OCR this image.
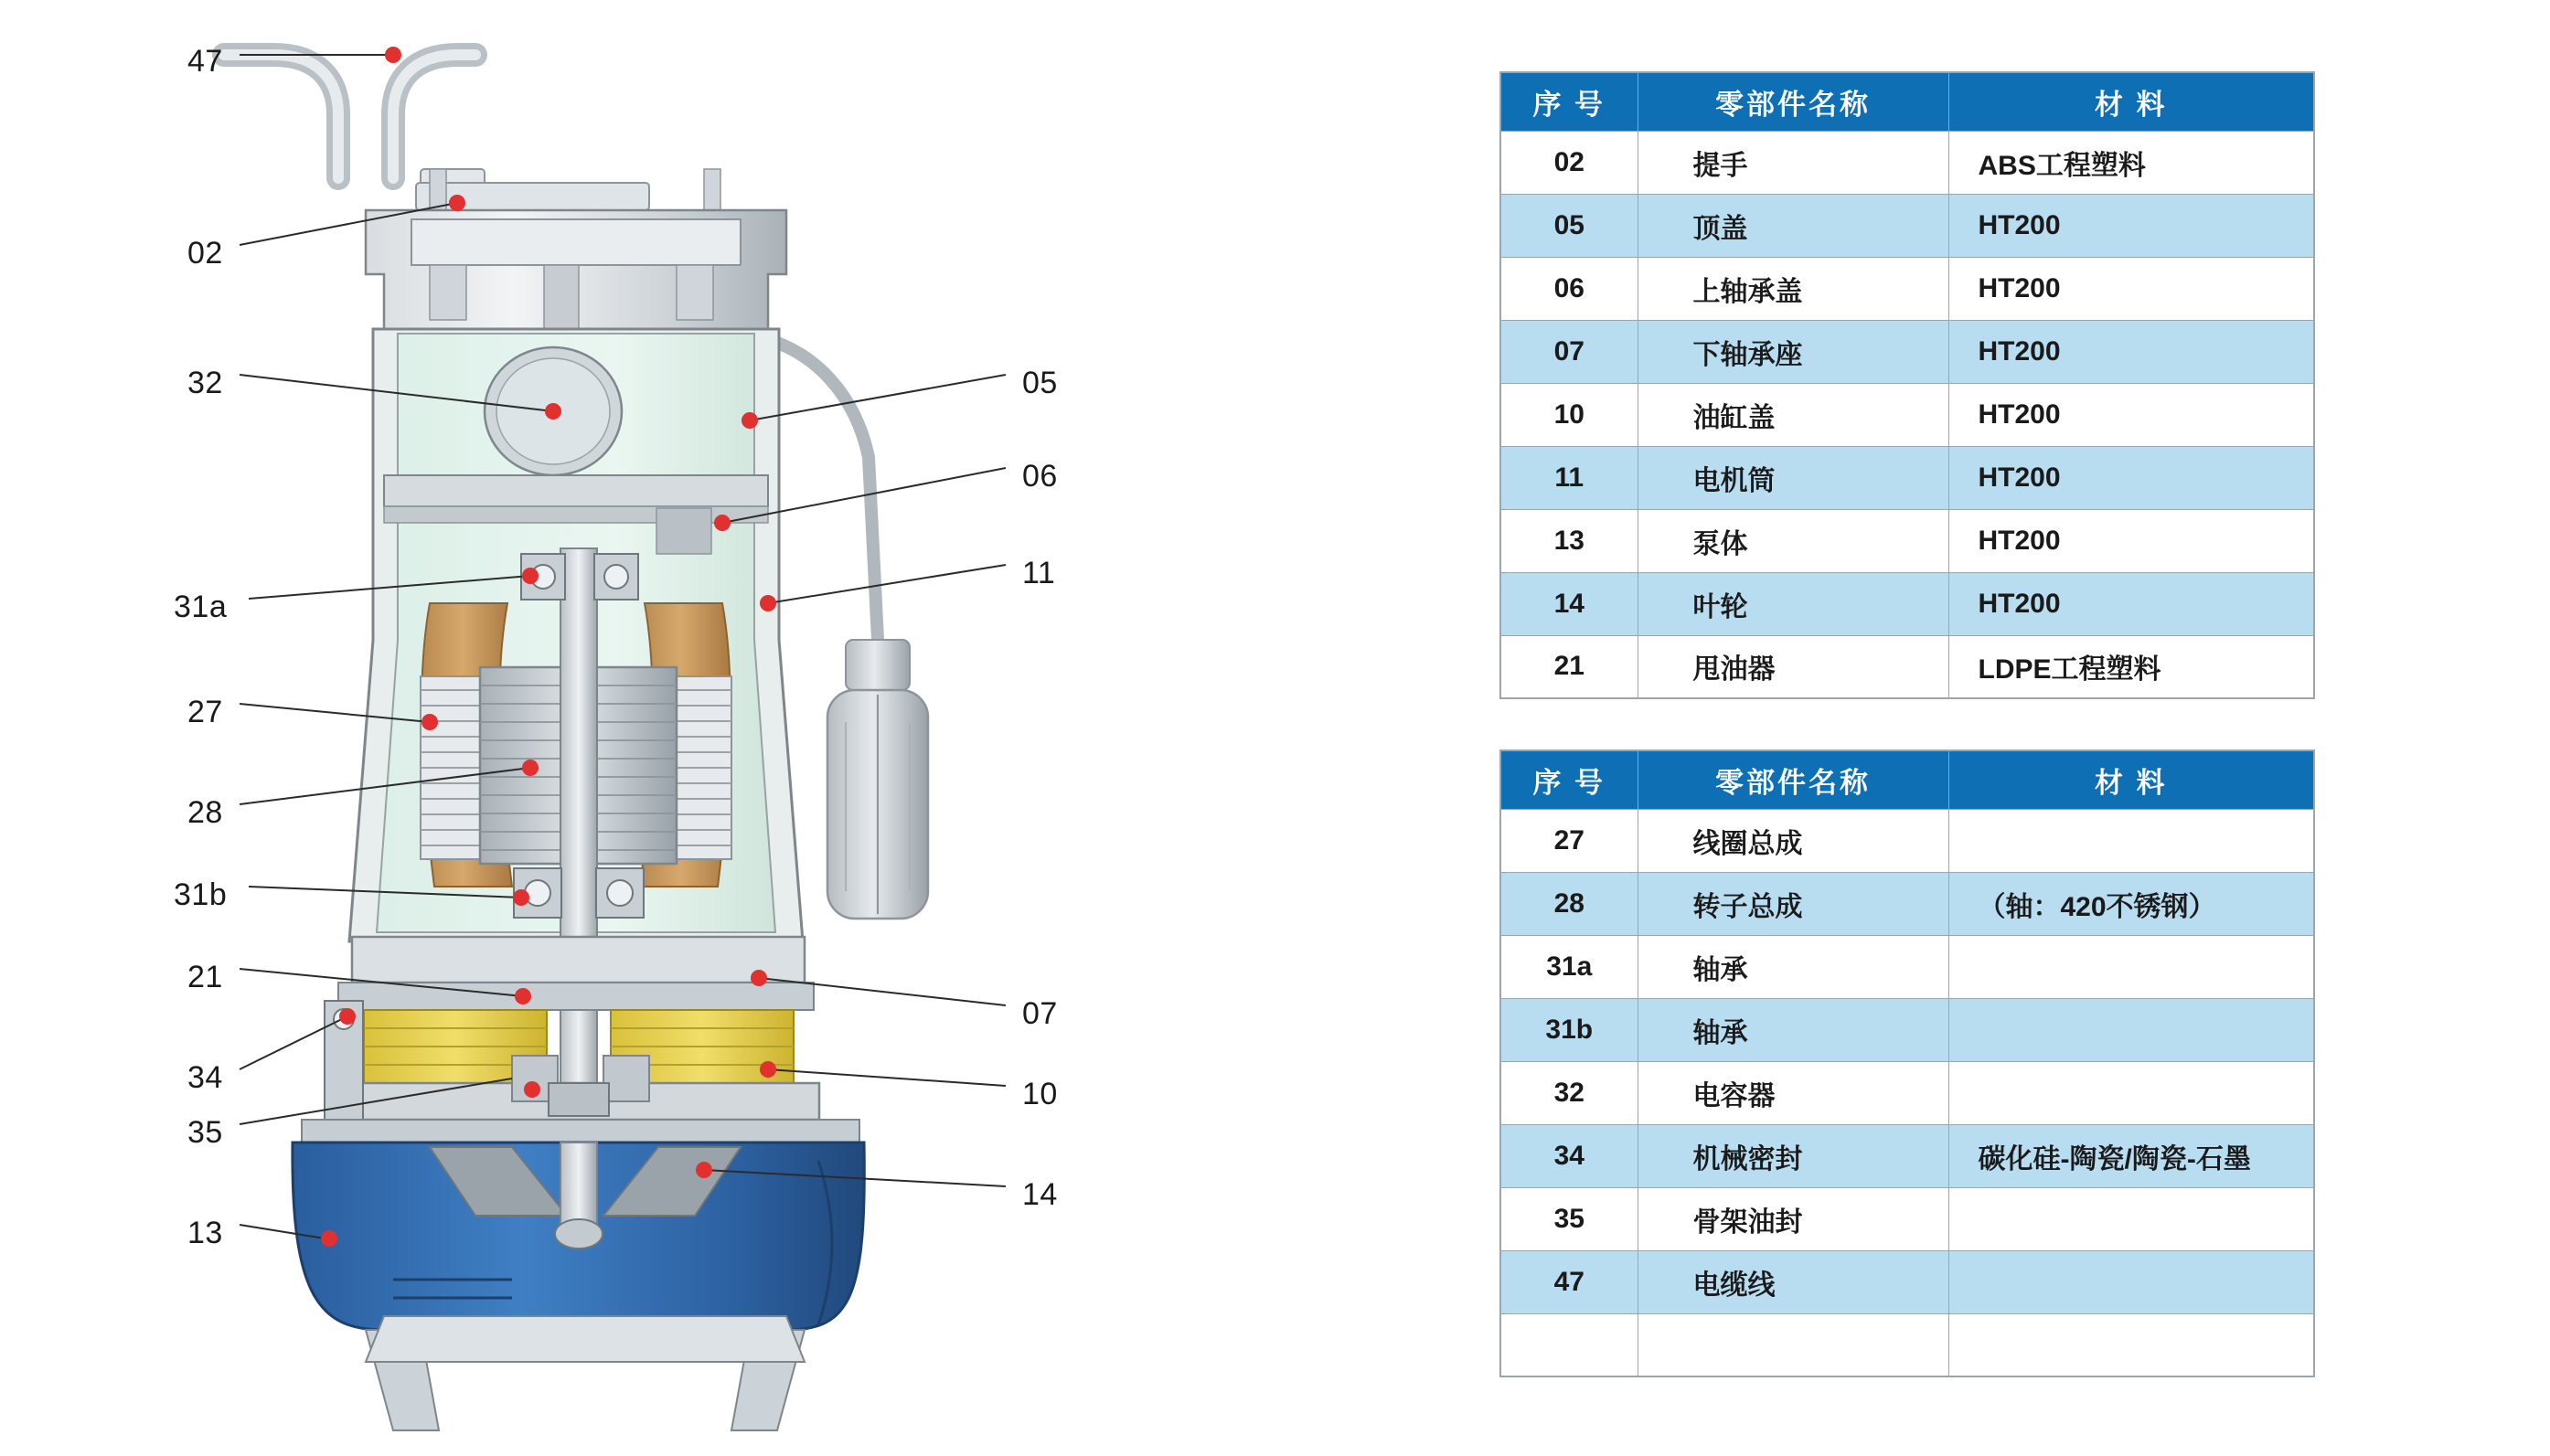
47
02
32
31a
27
28
31b
21
34
35
13
05
06
11
07
10
14
序 号	零部件名称	材 料
02	提手	ABS工程塑料
05	顶盖	HT200
06	上轴承盖	HT200
07	下轴承座	HT200
10	油缸盖	HT200
11	电机筒	HT200
13	泵体	HT200
14	叶轮	HT200
21	甩油器	LDPE工程塑料
序 号	零部件名称	材 料
27	线圈总成	
28	转子总成	（轴：420不锈钢）
31a	轴承	
31b	轴承	
32	电容器	
34	机械密封	碳化硅-陶瓷/陶瓷-石墨
35	骨架油封	
47	电缆线	
